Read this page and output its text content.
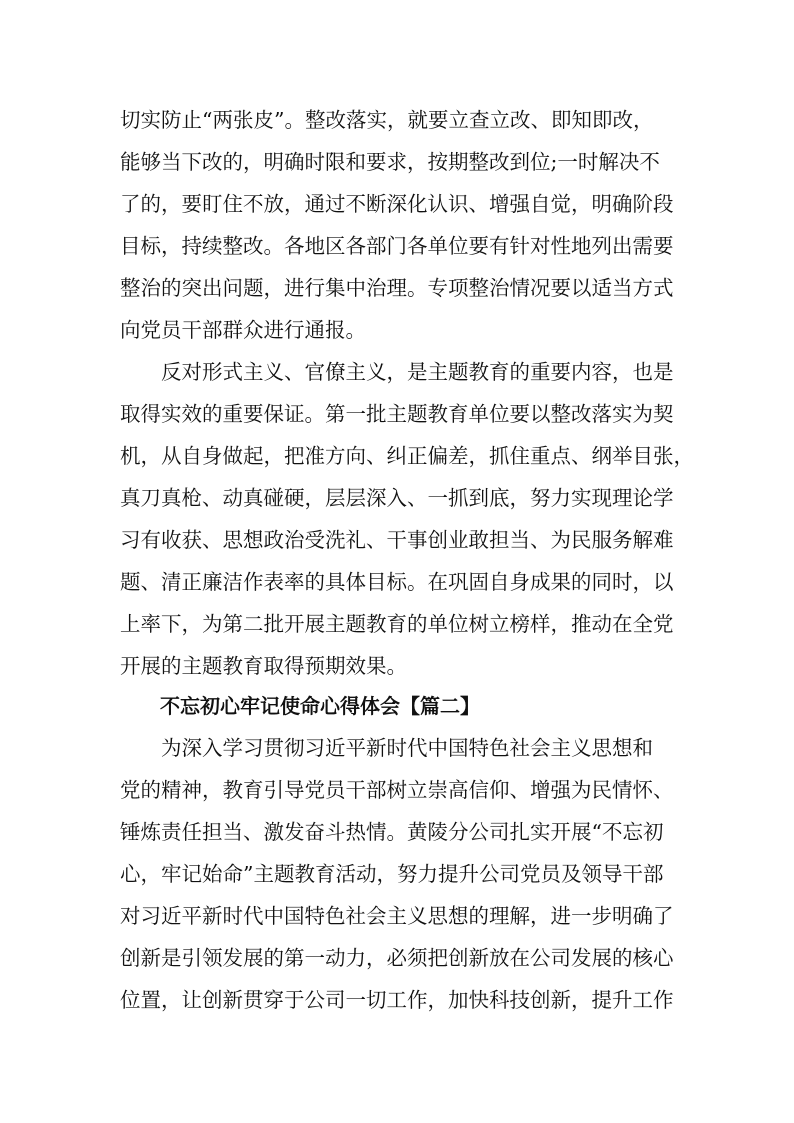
切实防止“两张皮”。整改落实，就要立查立改、即知即改，
能够当下改的，明确时限和要求，按期整改到位;一时解决不
了的，要盯住不放，通过不断深化认识、增强自觉，明确阶段
目标，持续整改。各地区各部门各单位要有针对性地列出需要
整治的突出问题，进行集中治理。专项整治情况要以适当方式
向党员干部群众进行通报。
　　反对形式主义、官僚主义，是主题教育的重要内容，也是
取得实效的重要保证。第一批主题教育单位要以整改落实为契
机，从自身做起，把准方向、纠正偏差，抓住重点、纲举目张，
真刀真枪、动真碰硬，层层深入、一抓到底，努力实现理论学
习有收获、思想政治受洗礼、干事创业敢担当、为民服务解难
题、清正廉洁作表率的具体目标。在巩固自身成果的同时，以
上率下，为第二批开展主题教育的单位树立榜样，推动在全党
开展的主题教育取得预期效果。
　　不忘初心牢记使命心得体会【篇二】
　　为深入学习贯彻习近平新时代中国特色社会主义思想和
党的精神，教育引导党员干部树立崇高信仰、增强为民情怀、
锤炼责任担当、激发奋斗热情。黄陵分公司扎实开展“不忘初
心，牢记始命”主题教育活动，努力提升公司党员及领导干部
对习近平新时代中国特色社会主义思想的理解，进一步明确了
创新是引领发展的第一动力，必须把创新放在公司发展的核心
位置，让创新贯穿于公司一切工作，加快科技创新，提升工作
